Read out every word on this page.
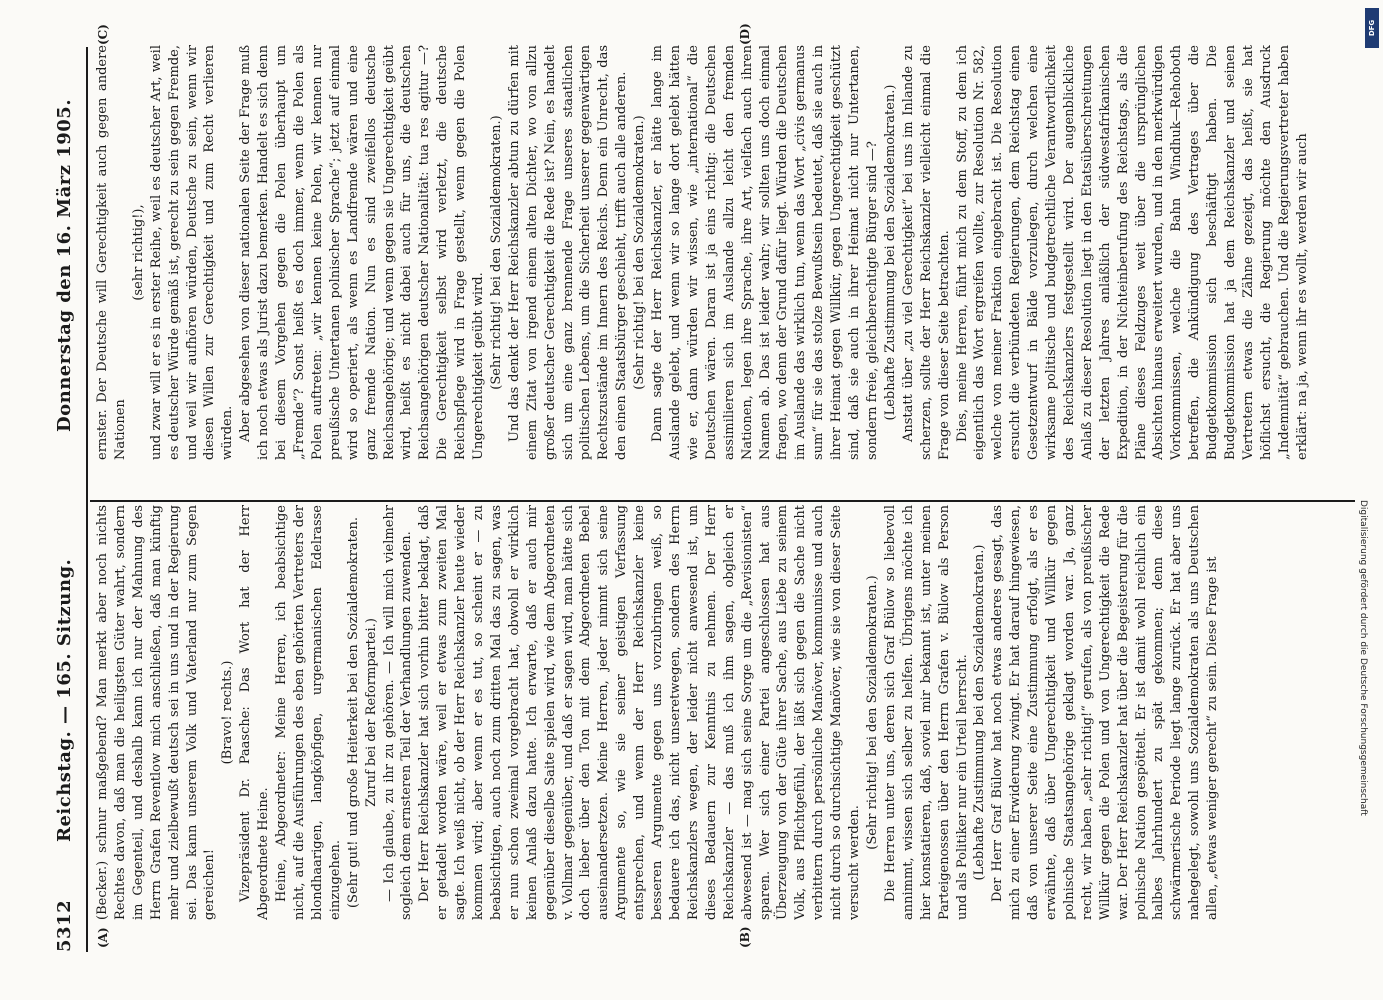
5312
Reichstag. — 165. Sitzung.
Donnerstag den 16. März 1905.
(A)	(B)
(C)	(D)

(Becker.) schnur maßgebend? Man merkt aber noch nichts Rechtes davon, daß man die heiligsten Güter wahrt, sondern im Gegenteil, und deshalb kann ich nur der Mahnung des Herrn Grafen Reventlow mich anschließen, daß man künftig mehr und zielbewußt deutsch sei in uns und in der Regierung sei. Das kann unserem Volk und Vaterland nur zum Segen gereichen!

(Bravo! rechts.) Vizepräsident Dr. Paasche: Das Wort hat der Herr Abgeordnete Heine. Heine, Abgeordneter: Meine Herren, ich beabsichtige nicht, auf die Ausführungen des eben gehörten Vertreters der blondhaarigen, langköpfigen, urgermanischen Edelrasse einzugehen. (Sehr gut! und große Heiterkeit bei den Sozialdemokraten. Zuruf bei der Reformpartei.) — Ich glaube, zu ihr zu gehören. — Ich will mich vielmehr sogleich dem ernsteren Teil der Verhandlungen zuwenden. Der Herr Reichskanzler hat sich vorhin bitter beklagt, daß er getadelt worden wäre, weil er etwas zum zweiten Mal sagte. Ich weiß nicht, ob der Herr Reichskanzler heute wieder kommen wird; aber wenn er es tut, so scheint er — zu beabsichtigen, auch noch zum dritten Mal das zu sagen, was er nun schon zweimal vorgebracht hat, obwohl er wirklich keinen Anlaß dazu hatte. Ich erwarte, daß er auch mir gegenüber dieselbe Saite spielen wird, wie dem Abgeordneten v. Vollmar gegenüber, und daß er sagen wird, man hätte sich doch lieber über den Ton mit dem Abgeordneten Bebel auseinandersetzen. Meine Herren, jeder nimmt sich seine Argumente so, wie sie seiner geistigen Verfassung entsprechen, und wenn der Herr Reichskanzler keine besseren Argumente gegen uns vorzubringen weiß, so bedauere ich das, nicht unseretwegen, sondern des Herrn Reichskanzlers wegen, der leider nicht anwesend ist, um dieses Bedauern zur Kenntnis zu nehmen. Der Herr Reichskanzler — das muß ich ihm sagen, obgleich er abwesend ist — mag sich seine Sorge um die „Revisionisten“ sparen. Wer sich einer Partei angeschlossen hat aus Überzeugung von der Güte ihrer Sache, aus Liebe zu seinem Volk, aus Pflichtgefühl, der läßt sich gegen die Sache nicht verbittern durch persönliche Manöver, kommunisse und auch nicht durch so durchsichtige Manöver, wie sie von dieser Seite versucht werden.

(Sehr richtig! bei den Sozialdemokraten.) Die Herren unter uns, deren sich Graf Bülow so liebevoll annimmt, wissen sich selber zu helfen. Übrigens möchte ich hier konstatieren, daß, soviel mir bekannt ist, unter meinen Parteigenossen über den Herrn Grafen v. Bülow als Person und als Politiker nur ein Urteil herrscht. (Lebhafte Zustimmung bei den Sozialdemokraten.) Der Herr Graf Bülow hat noch etwas anderes gesagt, das mich zu einer Erwiderung zwingt. Er hat darauf hingewiesen, daß von unserer Seite eine Zustimmung erfolgt, als er es erwähnte, daß über Ungerechtigkeit und Willkür gegen polnische Staatsangehörige geklagt worden war. Ja, ganz recht, wir haben „sehr richtig!“ gerufen, als von preußischer Willkür gegen die Polen und von Ungerechtigkeit die Rede war. Der Herr Reichskanzler hat über die Begeisterung für die polnische Nation gespöttelt. Er ist damit wohl reichlich ein halbes Jahrhundert zu spät gekommen; denn diese schwärmerische Periode liegt lange zurück. Er hat aber uns nahegelegt, sowohl uns Sozialdemokraten als uns Deutschen allen, „etwas weniger gerecht“ zu sein. Diese Frage ist

ernster. Der Deutsche will Gerechtigkeit auch gegen andere Nationen

(sehr richtig!), und zwar will er es in erster Reihe, weil es deutscher Art, weil es deutscher Würde gemäß ist, gerecht zu sein gegen Fremde, und weil wir aufhören würden, Deutsche zu sein, wenn wir diesen Willen zur Gerechtigkeit und zum Recht verlieren würden. Aber abgesehen von dieser nationalen Seite der Frage muß ich noch etwas als Jurist dazu bemerken. Handelt es sich denn bei diesem Vorgehen gegen die Polen überhaupt um „Fremde“? Sonst heißt es doch immer, wenn die Polen als Polen auftreten: „wir kennen keine Polen, wir kennen nur preußische Untertanen polnischer Sprache“; jetzt auf einmal wird so operiert, als wenn es Landfremde wären und eine ganz fremde Nation. Nun es sind zweifellos deutsche Reichsangehörige; und wenn gegen sie Ungerechtigkeit geübt wird, heißt es nicht dabei auch für uns, die deutschen Reichsangehörigen deutscher Nationalität: tua res agitur —? Die Gerechtigkeit selbst wird verletzt, die deutsche Reichspflege wird in Frage gestellt, wenn gegen die Polen Ungerechtigkeit geübt wird. (Sehr richtig! bei den Sozialdemokraten.) Und das denkt der Herr Reichskanzler abtun zu dürfen mit einem Zitat von irgend einem alten Dichter, wo von allzu großer deutscher Gerechtigkeit die Rede ist? Nein, es handelt sich um eine ganz brennende Frage unseres staatlichen politischen Lebens, um die Sicherheit unserer gegenwärtigen Rechtszustände im Innern des Reichs. Denn ein Unrecht, das den einen Staatsbürger geschieht, trifft auch alle anderen. (Sehr richtig! bei den Sozialdemokraten.) Dann sagte der Herr Reichskanzler, er hätte lange im Auslande gelebt, und wenn wir so lange dort gelebt hätten wie er, dann würden wir wissen, wie „international“ die Deutschen wären. Daran ist ja eins richtig: die Deutschen assimilieren sich im Auslande allzu leicht den fremden Nationen, legen ihre Sprache, ihre Art, vielfach auch ihren Namen ab. Das ist leider wahr; wir sollten uns doch einmal fragen, wo denn der Grund dafür liegt. Würden die Deutschen im Auslande das wirklich tun, wenn das Wort „civis germanus sum“ für sie das stolze Bewußtsein bedeutet, daß sie auch in ihrer Heimat gegen Willkür, gegen Ungerechtigkeit geschützt sind, daß sie auch in ihrer Heimat nicht nur Untertanen, sondern freie, gleichberechtigte Bürger sind —? (Lebhafte Zustimmung bei den Sozialdemokraten.) Anstatt über „zu viel Gerechtigkeit“ bei uns im Inlande zu scherzen, sollte der Herr Reichskanzler vielleicht einmal die Frage von dieser Seite betrachten. Dies, meine Herren, führt mich zu dem Stoff, zu dem ich eigentlich das Wort ergreifen wollte, zur Resolution Nr. 582, welche von meiner Fraktion eingebracht ist. Die Resolution ersucht die verbündeten Regierungen, dem Reichstag einen Gesetzentwurf in Bälde vorzulegen, durch welchen eine wirksame politische und budgetrechtliche Verantwortlichkeit des Reichskanzlers festgestellt wird. Der augenblickliche Anlaß zu dieser Resolution liegt in den Etatsüberschreitungen der letzten Jahres anläßlich der südwestafrikanischen Expedition, in der Nichteinberufung des Reichstags, als die Pläne dieses Feldzuges weit über die ursprünglichen Absichten hinaus erweitert wurden, und in den merkwürdigen Vorkommnissen, welche die Bahn Windhuk—Rehoboth betreffen, die Ankündigung des Vertrages über die Budgetkommission sich beschäftigt haben. Die Budgetkommission hat ja dem Reichskanzler und seinen Vertretern etwas die Zähne gezeigt, das heißt, sie hat höflichst ersucht, die Regierung möchte den Ausdruck „Indemnität“ gebrauchen. Und die Regierungsvertreter haben erklärt: na ja, wenn ihr es wollt, werden wir auch

DFG
Digitalisierung gefördert durch die Deutsche Forschungsgemeinschaft
